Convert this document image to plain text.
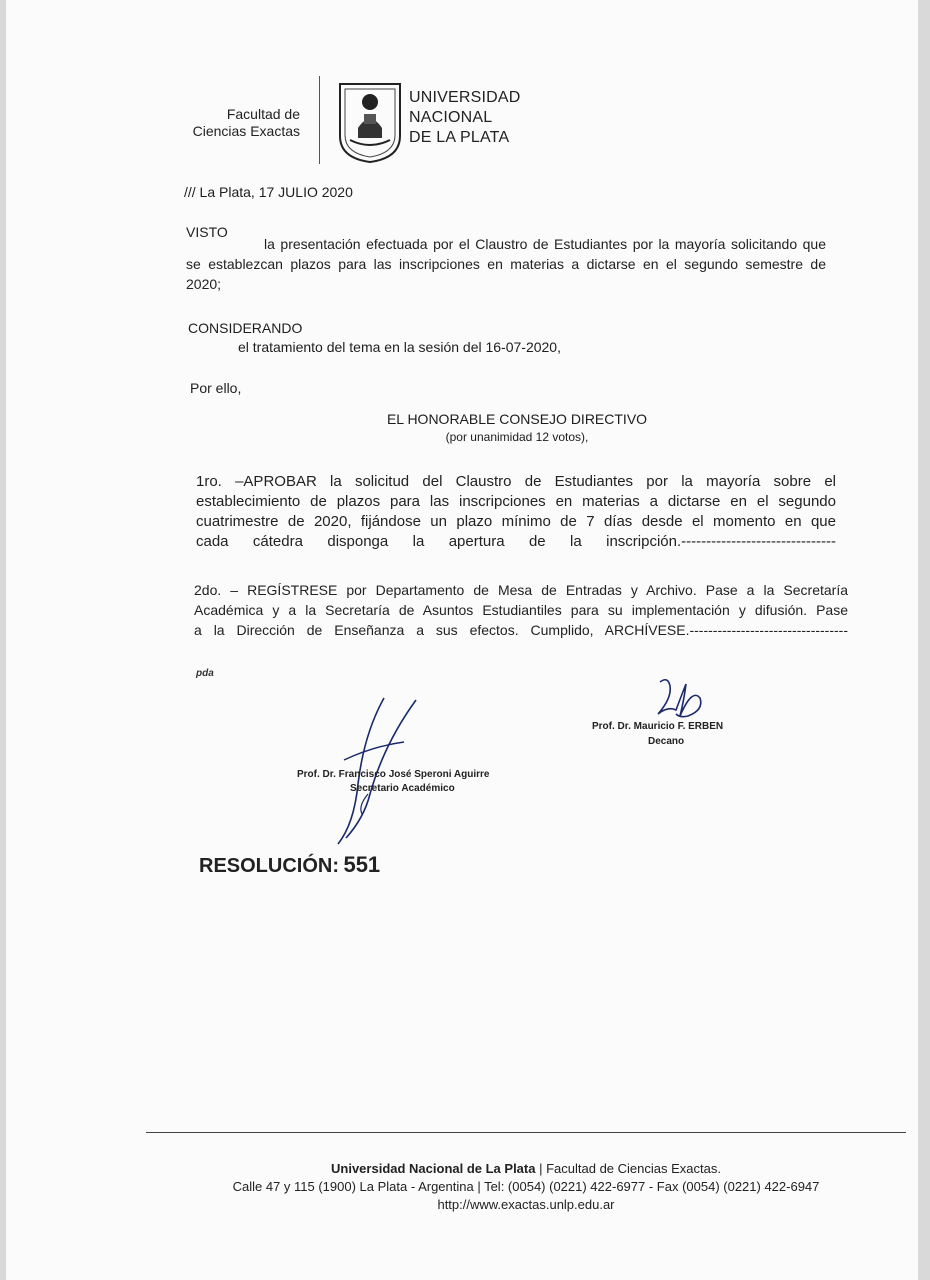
Facultad de
Ciencias Exactas
UNIVERSIDAD
NACIONAL
DE LA PLATA
/// La Plata, 17 JULIO 2020
VISTO
la presentación efectuada por el Claustro de Estudiantes por la mayoría solicitando que
se establezcan plazos para las inscripciones en materias a dictarse en el segundo semestre de
2020;
CONSIDERANDO
el tratamiento del tema en la sesión del 16-07-2020,
Por ello,
EL HONORABLE CONSEJO DIRECTIVO
(por unanimidad 12 votos),
1ro. –APROBAR la solicitud del Claustro de Estudiantes por la mayoría sobre el
establecimiento de plazos para las inscripciones en materias a dictarse en el segundo
cuatrimestre de 2020, fijándose un plazo mínimo de 7 días desde el momento en que
cada cátedra disponga la apertura de la inscripción.-------------------------------
2do. – REGÍSTRESE por Departamento de Mesa de Entradas y Archivo. Pase a la Secretaría
Académica y a la Secretaría de Asuntos Estudiantiles para su implementación y difusión. Pase
a la Dirección de Enseñanza a sus efectos. Cumplido, ARCHÍVESE.----------------------------------
pda
Prof. Dr. Mauricio F. ERBEN
Decano
Prof. Dr. Francisco José Speroni Aguirre
Secretario Académico
RESOLUCIÓN: 551
Universidad Nacional de La Plata | Facultad de Ciencias Exactas.
Calle 47 y 115 (1900) La Plata - Argentina | Tel: (0054) (0221) 422-6977 - Fax (0054) (0221) 422-6947
http://www.exactas.unlp.edu.ar
